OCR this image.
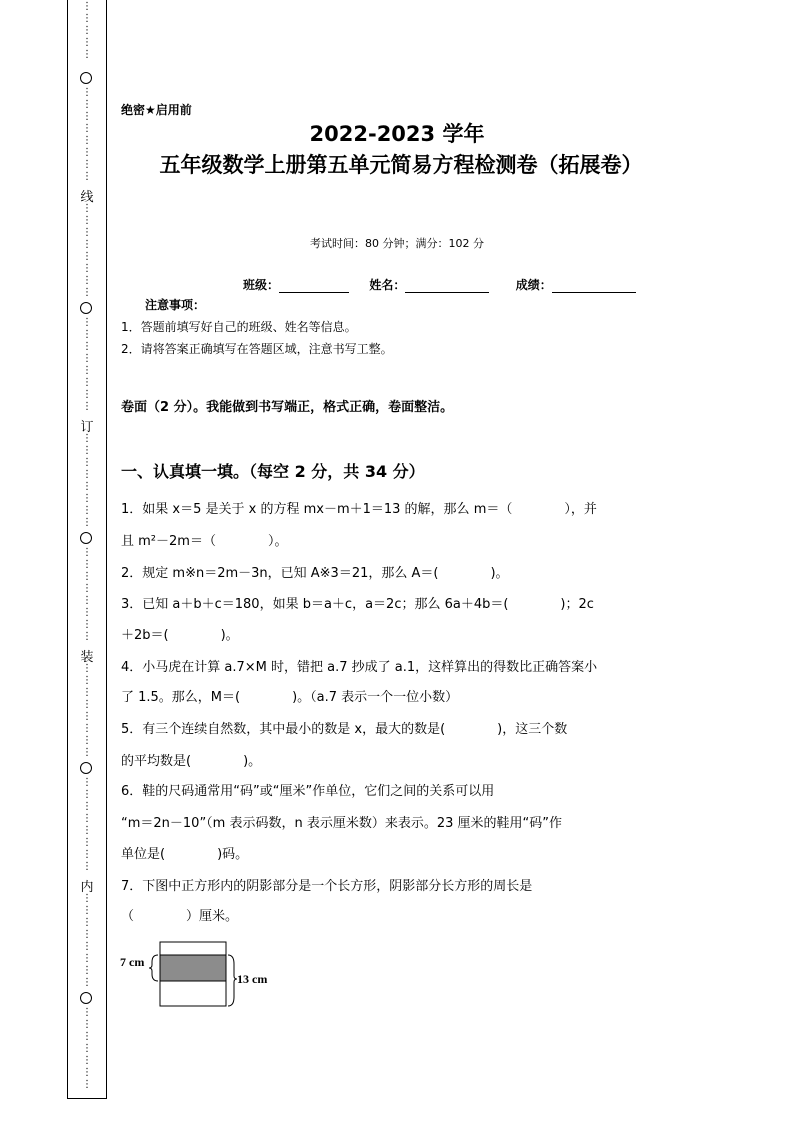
⋮
⋮
⋮
⋮
⋮
⋮
⋮
⋮
⋮
⋮
⋮
⋮
⋮
线
⋮
⋮
⋮
⋮
⋮
⋮
⋮
⋮
⋮
⋮
⋮
⋮
⋮
⋮
⋮
⋮
订
⋮
⋮
⋮
⋮
⋮
⋮
⋮
⋮
⋮
⋮
⋮
⋮
⋮
⋮
⋮
⋮
装
⋮
⋮
⋮
⋮
⋮
⋮
⋮
⋮
⋮
⋮
⋮
⋮
⋮
⋮
⋮
⋮
内
⋮
⋮
⋮
⋮
⋮
⋮
⋮
⋮
⋮
⋮
⋮
⋮
⋮
⋮
⋮
绝密★启用前
2022-2023 学年
五年级数学上册第五单元简易方程检测卷（拓展卷）
考试时间：80 分钟；满分：102 分
班级：	姓名：	成绩：
注意事项：
1．答题前填写好自己的班级、姓名等信息。
2．请将答案正确填写在答题区域，注意书写工整。
卷面（2 分）。我能做到书写端正，格式正确，卷面整洁。
一、认真填一填。（每空 2 分，共 34 分）
1．如果 x＝5 是关于 x 的方程 mx－m＋1＝13 的解，那么 m＝（　　　　），并
且 m²－2m＝（　　　　）。
2．规定 m※n＝2m－3n，已知 A※3＝21，那么 A＝(　　　　)。
3．已知 a＋b＋c＝180，如果 b＝a＋c，a＝2c；那么 6a＋4b＝(　　　　)；2c
＋2b＝(　　　　)。
4．小马虎在计算 a.7×M 时，错把 a.7 抄成了 a.1，这样算出的得数比正确答案小
了 1.5。那么，M＝(　　　　)。（a.7 表示一个一位小数）
5．有三个连续自然数，其中最小的数是 x，最大的数是(　　　　)，这三个数
的平均数是(　　　　)。
6．鞋的尺码通常用“码”或“厘米”作单位，它们之间的关系可以用
“m＝2n－10”（m 表示码数，n 表示厘米数）来表示。23 厘米的鞋用“码”作
单位是(　　　　)码。
7．下图中正方形内的阴影部分是一个长方形，阴影部分长方形的周长是
（　　　　）厘米。
7 cm
13 cm
